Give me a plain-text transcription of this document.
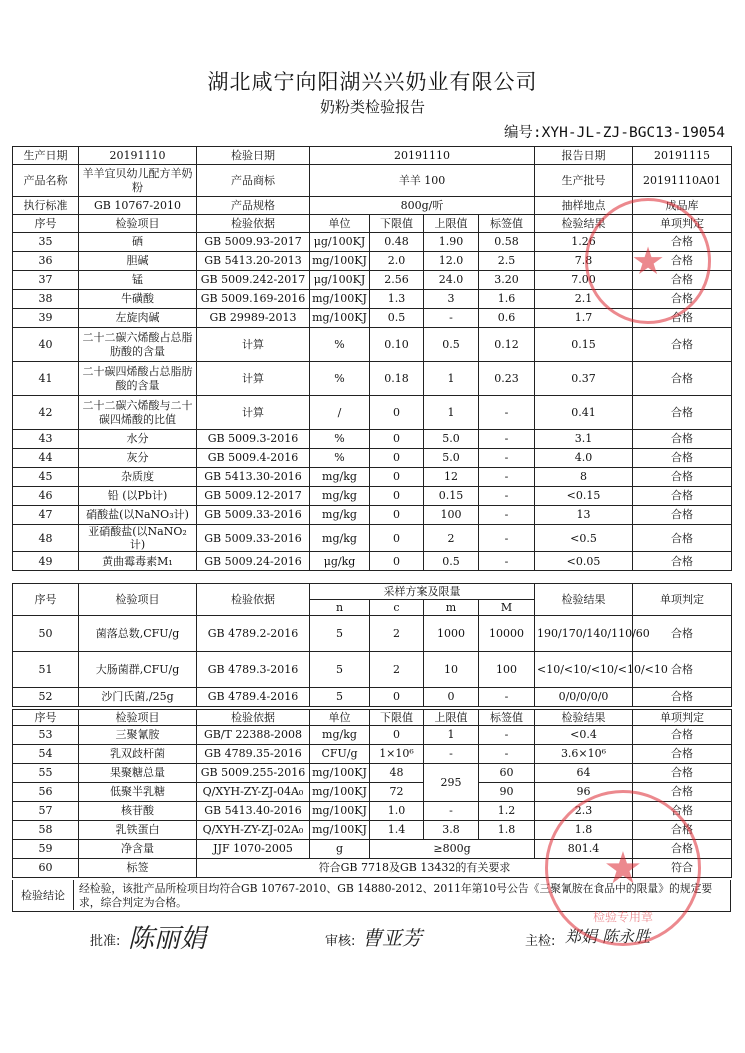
湖北咸宁向阳湖兴兴奶业有限公司
奶粉类检验报告
编号:XYH-JL-ZJ-BGC13-19054
生产日期	20191110	检验日期	20191110				报告日期	20191115
产品名称	羊羊宜贝幼儿配方羊奶粉	产品商标	羊羊 100				生产批号	20191110A01
执行标准	GB 10767-2010	产品规格	800g/听				抽样地点	成品库
序号	检验项目	检验依据	单位	下限值	上限值	标签值	检验结果	单项判定
35	硒	GB 5009.93-2017	μg/100KJ	0.48	1.90	0.58	1.26	合格
36	胆碱	GB 5413.20-2013	mg/100KJ	2.0	12.0	2.5	7.8	合格
37	锰	GB 5009.242-2017	μg/100KJ	2.56	24.0	3.20	7.00	合格
38	牛磺酸	GB 5009.169-2016	mg/100KJ	1.3	3	1.6	2.1	合格
39	左旋肉碱	GB 29989-2013	mg/100KJ	0.5	-	0.6	1.7	合格
40	二十二碳六烯酸占总脂肪酸的含量	计算	%	0.10	0.5	0.12	0.15	合格
41	二十碳四烯酸占总脂肪酸的含量	计算	%	0.18	1	0.23	0.37	合格
42	二十二碳六烯酸与二十碳四烯酸的比值	计算	/	0	1	-	0.41	合格
43	水分	GB 5009.3-2016	%	0	5.0	-	3.1	合格
44	灰分	GB 5009.4-2016	%	0	5.0	-	4.0	合格
45	杂质度	GB 5413.30-2016	mg/kg	0	12	-	8	合格
46	铅 (以Pb计)	GB 5009.12-2017	mg/kg	0	0.15	-	<0.15	合格
47	硝酸盐(以NaNO₃计)	GB 5009.33-2016	mg/kg	0	100	-	13	合格
48	亚硝酸盐(以NaNO₂计)	GB 5009.33-2016	mg/kg	0	2	-	<0.5	合格
49	黄曲霉毒素M₁	GB 5009.24-2016	μg/kg	0	0.5	-	<0.05	合格
序号	检验项目	检验依据	采样方案及限量				检验结果	单项判定
			n	c	m	M		
50	菌落总数,CFU/g	GB 4789.2-2016	5	2	1000	10000	190/170/140/110/60	合格
51	大肠菌群,CFU/g	GB 4789.3-2016	5	2	10	100	<10/<10/<10/<10/<10	合格
52	沙门氏菌,/25g	GB 4789.4-2016	5	0	0	-	0/0/0/0/0	合格
序号	检验项目	检验依据	单位	下限值	上限值	标签值	检验结果	单项判定
53	三聚氰胺	GB/T 22388-2008	mg/kg	0	1	-	<0.4	合格
54	乳双歧杆菌	GB 4789.35-2016	CFU/g	1×10⁶	-	-	3.6×10⁶	合格
55	果聚糖总量	GB 5009.255-2016	mg/100KJ	48	295	60	64	合格
56	低聚半乳糖	Q/XYH-ZY-ZJ-04A₀	mg/100KJ	72		90	96	合格
57	核苷酸	GB 5413.40-2016	mg/100KJ	1.0	-	1.2	2.3	合格
58	乳铁蛋白	Q/XYH-ZY-ZJ-02A₀	mg/100KJ	1.4	3.8	1.8	1.8	合格
59	净含量	JJF 1070-2005	g	≥800g			801.4	合格
60	标签	符合GB 7718及GB 13432的有关要求						符合
检验结论
经检验，该批产品所检项目均符合GB 10767-2010、GB 14880-2012、2011年第10号公告《三聚氰胺在食品中的限量》的规定要求，综合判定为合格。
批准: 陈丽娟	审核: 曹亚芳	主检: 郑娟 陈永胜
★
★
检验专用章
